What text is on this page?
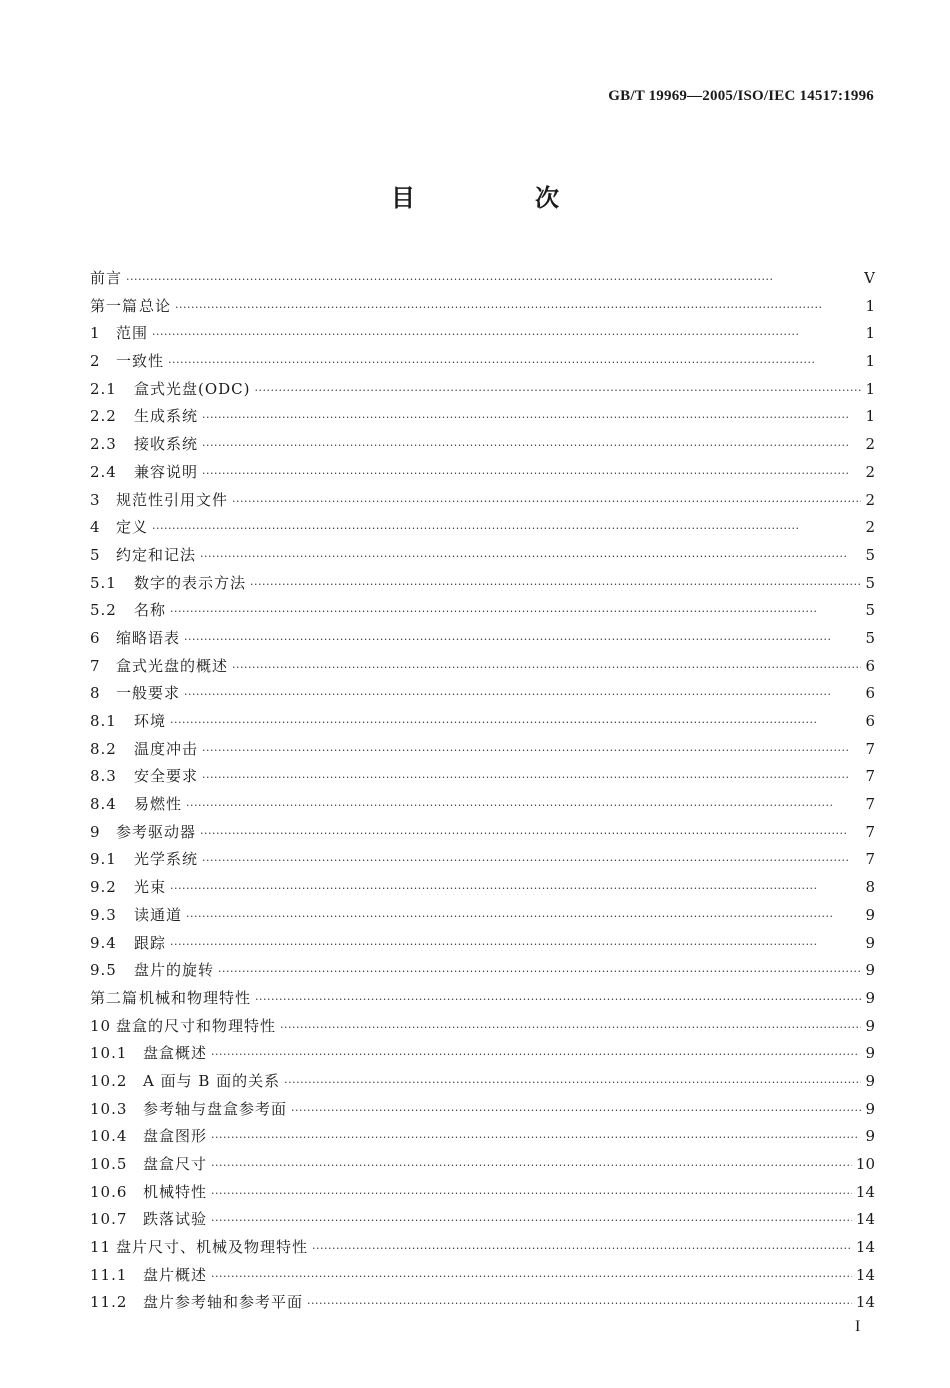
GB/T 19969—2005/ISO/IEC 14517:1996
目　次
前言 ·····	V
第一篇 总论 ·····	1
1	范围 ·····	1
2	一致性 ·····	1
2.1	盒式光盘(ODC) ·····	1
2.2	生成系统 ·····	1
2.3	接收系统 ·····	2
2.4	兼容说明 ·····	2
3	规范性引用文件 ·····	2
4	定义 ·····	2
5	约定和记法 ·····	5
5.1	数字的表示方法 ·····	5
5.2	名称 ·····	5
6	缩略语表 ·····	5
7	盒式光盘的概述 ·····	6
8	一般要求 ·····	6
8.1	环境 ·····	6
8.2	温度冲击 ·····	7
8.3	安全要求 ·····	7
8.4	易燃性 ·····	7
9	参考驱动器 ·····	7
9.1	光学系统 ·····	7
9.2	光束 ·····	8
9.3	读通道 ·····	9
9.4	跟踪 ·····	9
9.5	盘片的旋转 ·····	9
第二篇 机械和物理特性 ·····	9
10 盘盒的尺寸和物理特性 ·····	9
10.1	盘盒概述 ·····	9
10.2	A 面与 B 面的关系 ·····	9
10.3	参考轴与盘盒参考面 ·····	9
10.4	盘盒图形 ·····	9
10.5	盘盒尺寸 ·····	10
10.6	机械特性 ·····	14
10.7	跌落试验 ·····	14
11 盘片尺寸、机械及物理特性 ·····	14
11.1	盘片概述 ·····	14
11.2	盘片参考轴和参考平面 ·····	14
I
